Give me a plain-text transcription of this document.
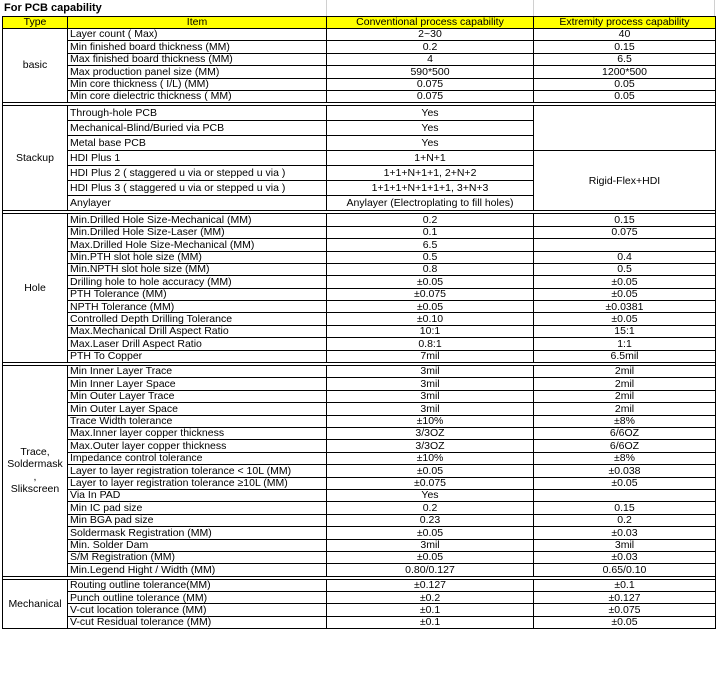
For PCB capability
Type	Item	Conventional process capability	Extremity process capability
basic	Layer count ( Max)	2~30	40
	Min finished board thickness (MM)	0.2	0.15
	Max finished board thickness (MM)	4	6.5
	Max production panel size (MM)	590*500	1200*500
	Min core thickness ( I/L) (MM)	0.075	0.05
	Min core dielectric thickness ( MM)	0.075	0.05

Stackup	Through-hole PCB	Yes	
	Mechanical-Blind/Buried via PCB	Yes	
	Metal base PCB	Yes	
	HDI Plus 1	1+N+1	Rigid-Flex+HDI
	HDI Plus 2 ( staggered u via or stepped u via )	1+1+N+1+1, 2+N+2	
	HDI Plus 3 ( staggered u via or stepped u via )	1+1+1+N+1+1+1, 3+N+3	
	Anylayer	Anylayer (Electroplating to fill holes)	

Hole	Min.Drilled Hole Size-Mechanical (MM)	0.2	0.15
	Min.Drilled Hole Size-Laser (MM)	0.1	0.075
	Max.Drilled Hole Size-Mechanical (MM)	6.5	
	Min.PTH slot hole size (MM)	0.5	0.4
	Min.NPTH slot hole size (MM)	0.8	0.5
	Drilling hole to hole accuracy (MM)	±0.05	±0.05
	PTH Tolerance (MM)	±0.075	±0.05
	NPTH Tolerance (MM)	±0.05	±0.0381
	Controlled Depth Drilling Tolerance	±0.10	±0.05
	Max.Mechanical Drill Aspect Ratio	10:1	15:1
	Max.Laser Drill Aspect Ratio	0.8:1	1:1
	PTH To Copper	7mil	6.5mil

Trace,
Soldermask
,
Slikscreen	Min Inner Layer Trace	3mil	2mil
	Min Inner Layer Space	3mil	2mil
	Min Outer Layer Trace	3mil	2mil
	Min Outer Layer Space	3mil	2mil
	Trace Width tolerance	±10%	±8%
	Max.Inner layer copper thickness	3/3OZ	6/6OZ
	Max.Outer layer copper thickness	3/3OZ	6/6OZ
	Impedance control tolerance	±10%	±8%
	Layer to layer registration tolerance < 10L (MM)	±0.05	±0.038
	Layer to layer registration tolerance ≥10L (MM)	±0.075	±0.05
	Via In PAD	Yes	
	Min IC pad size	0.2	0.15
	Min BGA pad size	0.23	0.2
	Soldermask Registration (MM)	±0.05	±0.03
	Min. Solder Dam	3mil	3mil
	S/M Registration (MM)	±0.05	±0.03
	Min.Legend Hight / Width (MM)	0.80/0.127	0.65/0.10

Mechanical	Routing outline tolerance(MM)	±0.127	±0.1
	Punch outline tolerance (MM)	±0.2	±0.127
	V-cut location tolerance (MM)	±0.1	±0.075
	V-cut Residual tolerance (MM)	±0.1	±0.05
